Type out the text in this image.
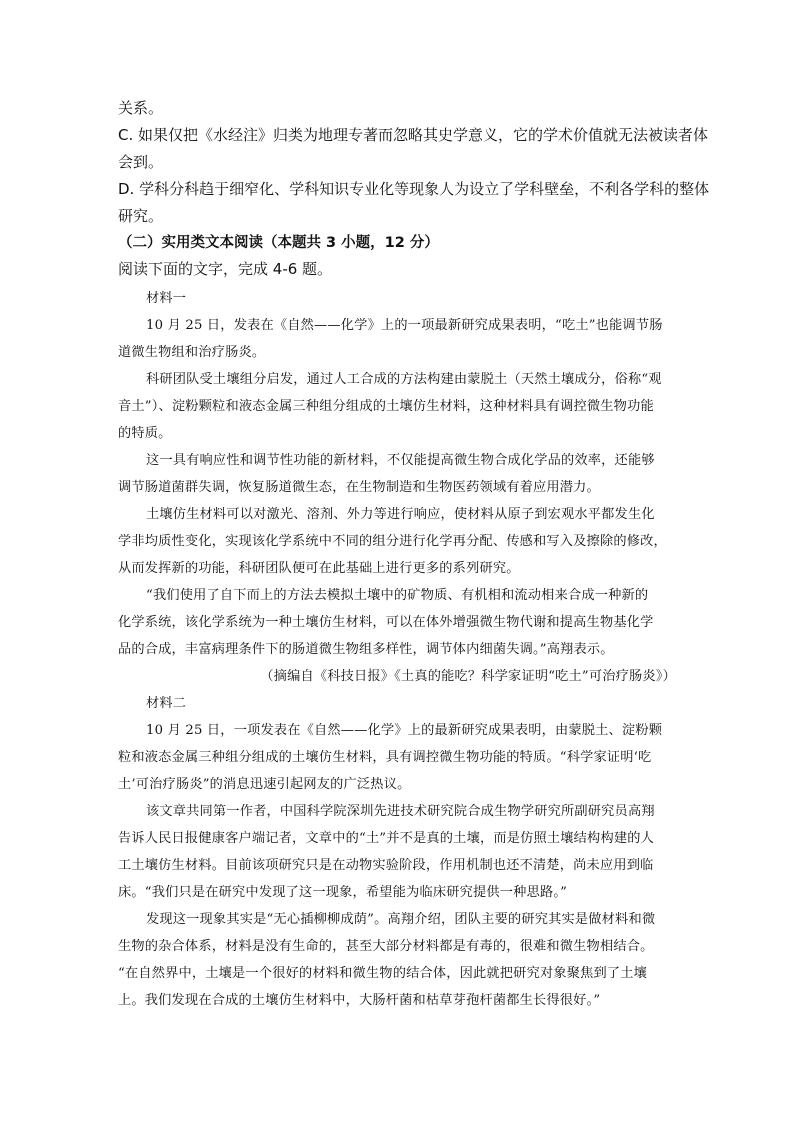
关系。
C. 如果仅把《水经注》归类为地理专著而忽略其史学意义，它的学术价值就无法被读者体
会到。
D. 学科分科趋于细窄化、学科知识专业化等现象人为设立了学科壁垒，不利各学科的整体
研究。
（二）实用类文本阅读（本题共 3 小题，12 分）
阅读下面的文字，完成 4-6 题。
材料一
10 月 25 日，发表在《自然——化学》上的一项最新研究成果表明，“吃土”也能调节肠
道微生物组和治疗肠炎。
科研团队受土壤组分启发，通过人工合成的方法构建由蒙脱土（天然土壤成分，俗称“观
音土”）、淀粉颗粒和液态金属三种组分组成的土壤仿生材料，这种材料具有调控微生物功能
的特质。
这一具有响应性和调节性功能的新材料，不仅能提高微生物合成化学品的效率，还能够
调节肠道菌群失调，恢复肠道微生态，在生物制造和生物医药领域有着应用潜力。
土壤仿生材料可以对激光、溶剂、外力等进行响应，使材料从原子到宏观水平都发生化
学非均质性变化，实现该化学系统中不同的组分进行化学再分配、传感和写入及擦除的修改，
从而发挥新的功能，科研团队便可在此基础上进行更多的系列研究。
“我们使用了自下而上的方法去模拟土壤中的矿物质、有机相和流动相来合成一种新的
化学系统，该化学系统为一种土壤仿生材料，可以在体外增强微生物代谢和提高生物基化学
品的合成，丰富病理条件下的肠道微生物组多样性，调节体内细菌失调。”高翔表示。
（摘编自《科技日报》《土真的能吃？科学家证明“吃土”可治疗肠炎》）
材料二
10 月 25 日，一项发表在《自然——化学》上的最新研究成果表明，由蒙脱土、淀粉颗
粒和液态金属三种组分组成的土壤仿生材料，具有调控微生物功能的特质。“科学家证明‘吃
土’可治疗肠炎”的消息迅速引起网友的广泛热议。
该文章共同第一作者，中国科学院深圳先进技术研究院合成生物学研究所副研究员高翔
告诉人民日报健康客户端记者，文章中的“土”并不是真的土壤，而是仿照土壤结构构建的人
工土壤仿生材料。目前该项研究只是在动物实验阶段，作用机制也还不清楚，尚未应用到临
床。“我们只是在研究中发现了这一现象，希望能为临床研究提供一种思路。”
发现这一现象其实是“无心插柳柳成荫”。高翔介绍，团队主要的研究其实是做材料和微
生物的杂合体系，材料是没有生命的，甚至大部分材料都是有毒的，很难和微生物相结合。
“在自然界中，土壤是一个很好的材料和微生物的结合体，因此就把研究对象聚焦到了土壤
上。我们发现在合成的土壤仿生材料中，大肠杆菌和枯草芽孢杆菌都生长得很好。”
